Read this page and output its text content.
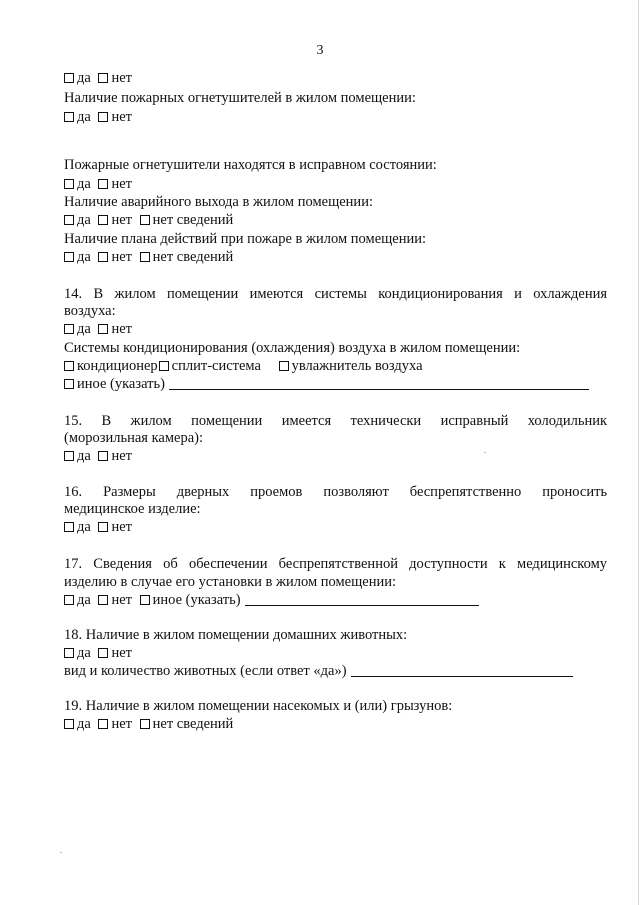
3
да нет
Наличие пожарных огнетушителей в жилом помещении:
да нет
Пожарные огнетушители находятся в исправном состоянии:
да нет
Наличие аварийного выхода в жилом помещении:
да нет нет сведений
Наличие плана действий при пожаре в жилом помещении:
да нет нет сведений
14. В жилом помещении имеются системы кондиционирования и охлаждения
воздуха:
да нет
Системы кондиционирования (охлаждения) воздуха в жилом помещении:
кондиционер сплит-система увлажнитель воздуха
иное (указать)
15. В жилом помещении имеется технически исправный холодильник
(морозильная камера):
да нет
16. Размеры дверных проемов позволяют беспрепятственно проносить
медицинское изделие:
да нет
17. Сведения об обеспечении беспрепятственной доступности к медицинскому
изделию в случае его установки в жилом помещении:
да нет иное (указать)
18. Наличие в жилом помещении домашних животных:
да нет
вид и количество животных (если ответ «да»)
19. Наличие в жилом помещении насекомых и (или) грызунов:
да нет нет сведений
